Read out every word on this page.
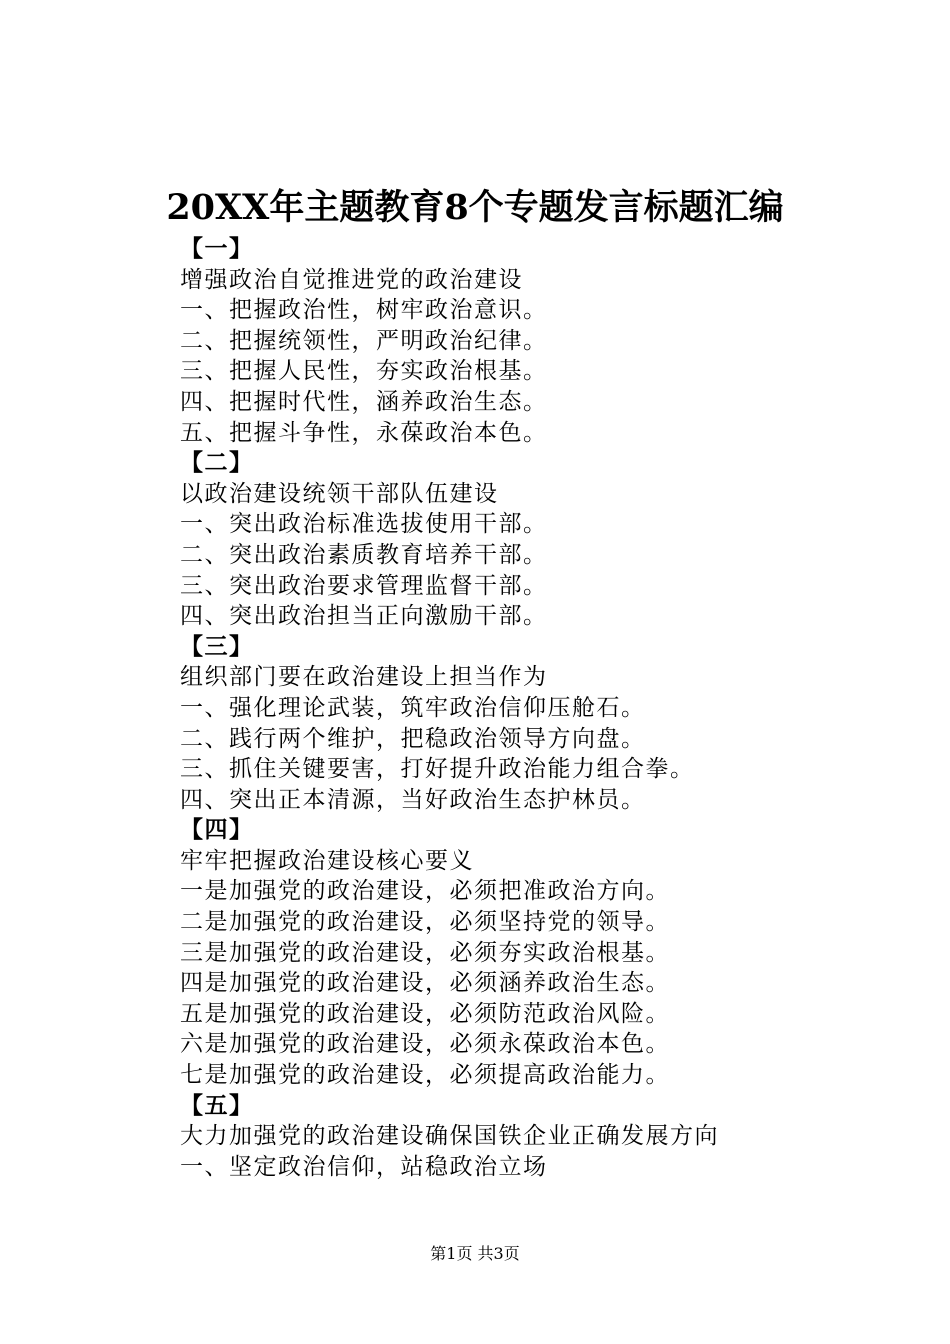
20XX年主题教育8个专题发言标题汇编
【一】
增强政治自觉推进党的政治建设
一、把握政治性，树牢政治意识。
二、把握统领性，严明政治纪律。
三、把握人民性，夯实政治根基。
四、把握时代性，涵养政治生态。
五、把握斗争性，永葆政治本色。
【二】
以政治建设统领干部队伍建设
一、突出政治标准选拔使用干部。
二、突出政治素质教育培养干部。
三、突出政治要求管理监督干部。
四、突出政治担当正向激励干部。
【三】
组织部门要在政治建设上担当作为
一、强化理论武装，筑牢政治信仰压舱石。
二、践行两个维护，把稳政治领导方向盘。
三、抓住关键要害，打好提升政治能力组合拳。
四、突出正本清源，当好政治生态护林员。
【四】
牢牢把握政治建设核心要义
一是加强党的政治建设，必须把准政治方向。
二是加强党的政治建设，必须坚持党的领导。
三是加强党的政治建设，必须夯实政治根基。
四是加强党的政治建设，必须涵养政治生态。
五是加强党的政治建设，必须防范政治风险。
六是加强党的政治建设，必须永葆政治本色。
七是加强党的政治建设，必须提高政治能力。
【五】
大力加强党的政治建设确保国铁企业正确发展方向
一、坚定政治信仰，站稳政治立场
第1页 共3页
